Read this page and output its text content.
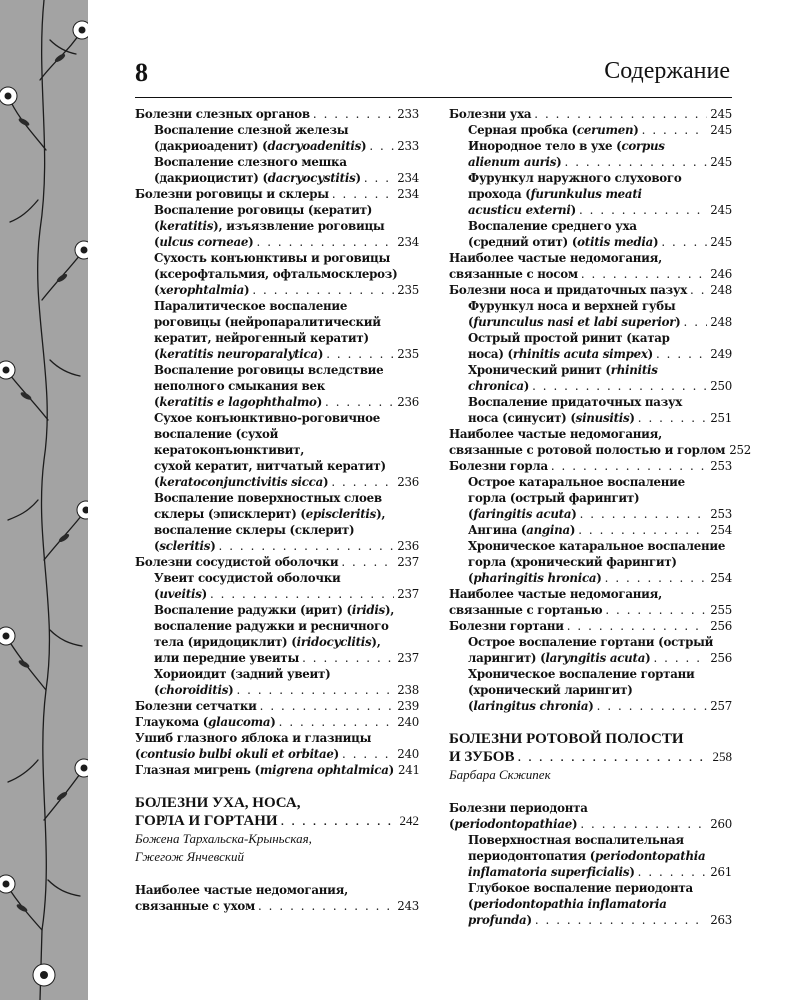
8	Содержание
Болезни слезных органов . . .	233
Воспаление слезной железы
(дакриоаденит) (dacryoadenitis) . . .	233
Воспаление слезного мешка
(дакриоцистит) (dacryocystitis) . . .	234
Болезни роговицы и склеры . . .	234
Воспаление роговицы (кератит)
(keratitis), изъязвление роговицы
(ulcus corneae) . . .	234
Сухость конъюнктивы и роговицы
(ксерофтальмия, офтальмосклероз)
(xerophtalmia) . . .	235
Паралитическое воспаление
роговицы (нейропаралитический
кератит, нейрогенный кератит)
(keratitis neuroparalytica) . . .	235
Воспаление роговицы вследствие
неполного смыкания век
(keratitis e lagophthalmo) . . .	236
Сухое конъюнктивно-роговичное
воспаление (сухой
кератоконъюнктивит,
сухой кератит, нитчатый кератит)
(keratoconjunctivitis sicca) . . .	236
Воспаление поверхностных слоев
склеры (эписклерит) (episcleritis),
воспаление склеры (склерит)
(scleritis) . . .	236
Болезни сосудистой оболочки . . .	237
Увеит сосудистой оболочки
(uveitis) . . .	237
Воспаление радужки (ирит) (iridis),
воспаление радужки и ресничного
тела (иридоциклит) (iridocyclitis),
или передние увеиты . . .	237
Хориоидит (задний увеит)
(choroiditis) . . .	238
Болезни сетчатки . . .	239
Глаукома (glaucoma) . . .	240
Ушиб глазного яблока и глазницы
(contusio bulbi okuli et orbitae) . . .	240
Глазная мигрень (migrena ophtalmica) 241
БОЛЕЗНИ УХА, НОСА,
ГОРЛА И ГОРТАНИ . . .	242
Божена Тархальска-Крыньская,
Гжегож Янчевский
Наиболее частые недомогания,
связанные с ухом . . .	243
Болезни уха . . .	245
Серная пробка (cerumen) . . .	245
Инородное тело в ухе (corpus
alienum auris) . . .	245
Фурункул наружного слухового
прохода (furunkulus meati
acusticu externi) . . .	245
Воспаление среднего уха
(средний отит) (otitis media) . . .	245
Наиболее частые недомогания,
связанные с носом . . .	246
Болезни носа и придаточных пазух . . . 248
Фурункул носа и верхней губы
(furunculus nasi et labi superior) . . .	248
Острый простой ринит (катар
носа) (rhinitis acuta simpex) . . .	249
Хронический ринит (rhinitis
chronica) . . .	250
Воспаление придаточных пазух
носа (синусит) (sinusitis) . . .	251
Наиболее частые недомогания,
связанные с ротовой полостью и горлом 252
Болезни горла . . .	253
Острое катаральное воспаление
горла (острый фарингит)
(faringitis acuta) . . .	253
Ангина (angina) . . .	254
Хроническое катаральное воспаление
горла (хронический фарингит)
(pharingitis hronica) . . .	254
Наиболее частые недомогания,
связанные с гортанью . . .	255
Болезни гортани . . .	256
Острое воспаление гортани (острый
ларингит) (laryngitis acuta) . . .	256
Хроническое воспаление гортани
(хронический ларингит)
(laringitus chronia) . . .	257
БОЛЕЗНИ РОТОВОЙ ПОЛОСТИ
И ЗУБОВ . . .	258
Барбара Скжипек
Болезни периодонта
(periodontopathiae) . . .	260
Поверхностная воспалительная
периодонтопатия (periodontopathia
inflamatoria superficialis) . . .	261
Глубокое воспаление периодонта
(periodontopathia inflamatoria
profunda) . . .	263
